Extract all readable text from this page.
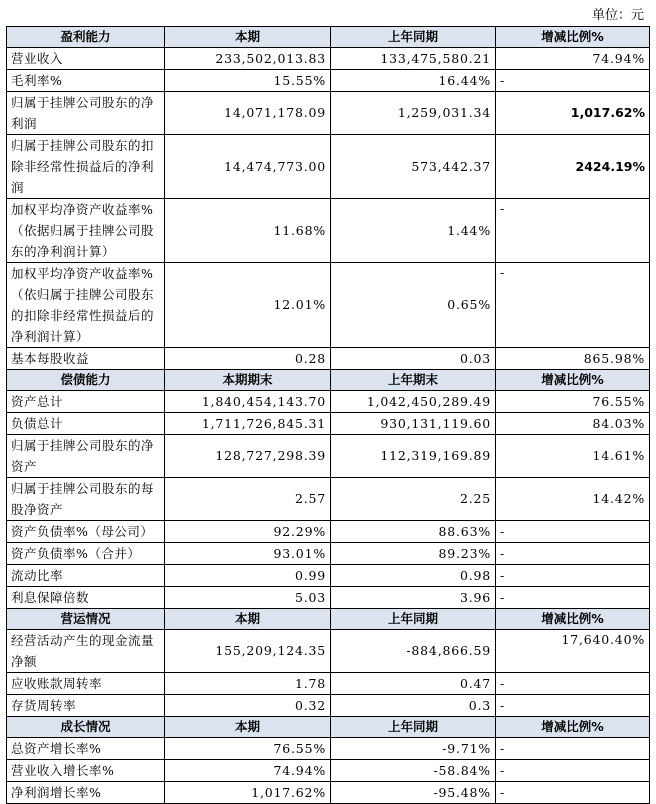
单位：元
盈利能力	本期	上年同期	增减比例%
营业收入	233,502,013.83	133,475,580.21	74.94%
毛利率%	15.55%	16.44%	-
归属于挂牌公司股东的净利润	14,071,178.09	1,259,031.34	1,017.62%
归属于挂牌公司股东的扣除非经常性损益后的净利润	14,474,773.00	573,442.37	2424.19%
加权平均净资产收益率%（依据归属于挂牌公司股东的净利润计算）	11.68%	1.44%	-
加权平均净资产收益率%（依归属于挂牌公司股东的扣除非经常性损益后的净利润计算）	12.01%	0.65%	-
基本每股收益	0.28	0.03	865.98%
偿债能力	本期期末	上年期末	增减比例%
资产总计	1,840,454,143.70	1,042,450,289.49	76.55%
负债总计	1,711,726,845.31	930,131,119.60	84.03%
归属于挂牌公司股东的净资产	128,727,298.39	112,319,169.89	14.61%
归属于挂牌公司股东的每股净资产	2.57	2.25	14.42%
资产负债率%（母公司）	92.29%	88.63%	-
资产负债率%（合并）	93.01%	89.23%	-
流动比率	0.99	0.98	-
利息保障倍数	5.03	3.96	-
营运情况	本期	上年同期	增减比例%
经营活动产生的现金流量净额	155,209,124.35	-884,866.59	17,640.40%
应收账款周转率	1.78	0.47	-
存货周转率	0.32	0.3	-
成长情况	本期	上年同期	增减比例%
总资产增长率%	76.55%	-9.71%	-
营业收入增长率%	74.94%	-58.84%	-
净利润增长率%	1,017.62%	-95.48%	-
